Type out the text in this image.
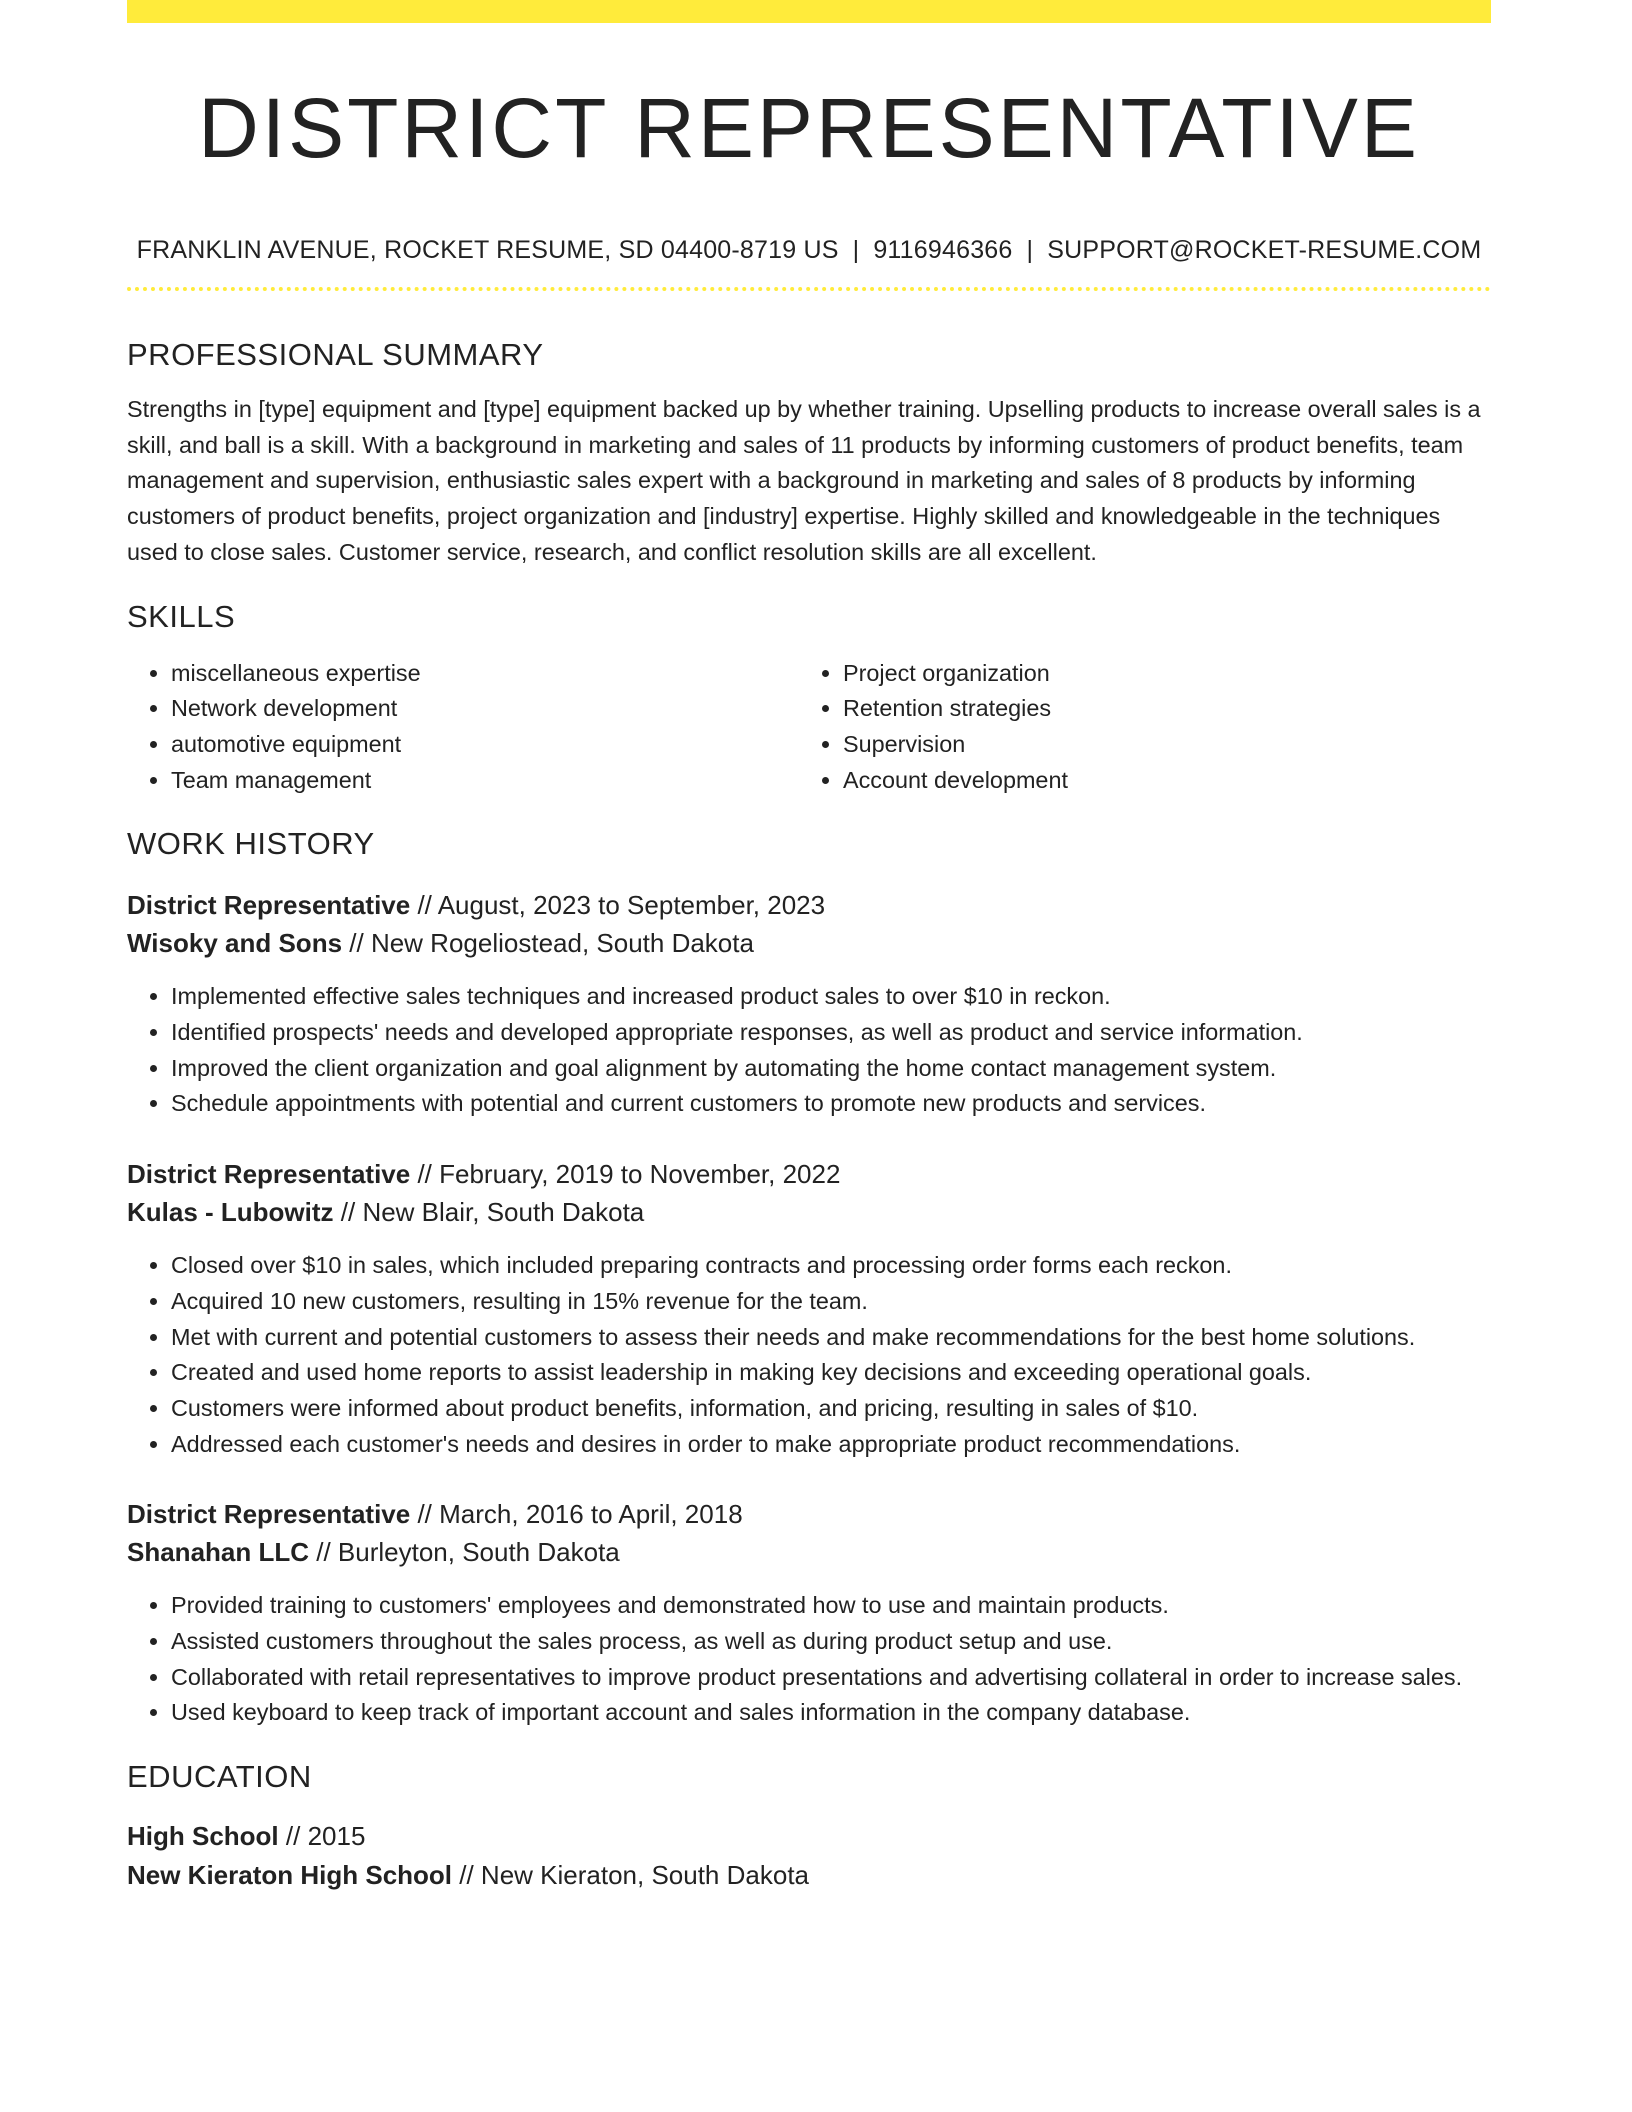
DISTRICT REPRESENTATIVE
FRANKLIN AVENUE, ROCKET RESUME, SD 04400-8719 US | 9116946366 | SUPPORT@ROCKET-RESUME.COM
PROFESSIONAL SUMMARY

Strengths in [type] equipment and [type] equipment backed up by whether training. Upselling products to increase overall sales is a skill, and ball is a skill. With a background in marketing and sales of 11 products by informing customers of product benefits, team management and supervision, enthusiastic sales expert with a background in marketing and sales of 8 products by informing customers of product benefits, project organization and [industry] expertise. Highly skilled and knowledgeable in the techniques used to close sales. Customer service, research, and conflict resolution skills are all excellent.

SKILLS
• miscellaneous expertise
• Network development
• automotive equipment
• Team management
• Project organization
• Retention strategies
• Supervision
• Account development
WORK HISTORY
District Representative // August, 2023 to September, 2023
Wisoky and Sons // New Rogeliostead, South Dakota
• Implemented effective sales techniques and increased product sales to over $10 in reckon.
• Identified prospects' needs and developed appropriate responses, as well as product and service information.
• Improved the client organization and goal alignment by automating the home contact management system.
• Schedule appointments with potential and current customers to promote new products and services.
District Representative // February, 2019 to November, 2022
Kulas - Lubowitz // New Blair, South Dakota
• Closed over $10 in sales, which included preparing contracts and processing order forms each reckon.
• Acquired 10 new customers, resulting in 15% revenue for the team.
• Met with current and potential customers to assess their needs and make recommendations for the best home solutions.
• Created and used home reports to assist leadership in making key decisions and exceeding operational goals.
• Customers were informed about product benefits, information, and pricing, resulting in sales of $10.
• Addressed each customer's needs and desires in order to make appropriate product recommendations.
District Representative // March, 2016 to April, 2018
Shanahan LLC // Burleyton, South Dakota
• Provided training to customers' employees and demonstrated how to use and maintain products.
• Assisted customers throughout the sales process, as well as during product setup and use.
• Collaborated with retail representatives to improve product presentations and advertising collateral in order to increase sales.
• Used keyboard to keep track of important account and sales information in the company database.
EDUCATION
High School // 2015
New Kieraton High School // New Kieraton, South Dakota
